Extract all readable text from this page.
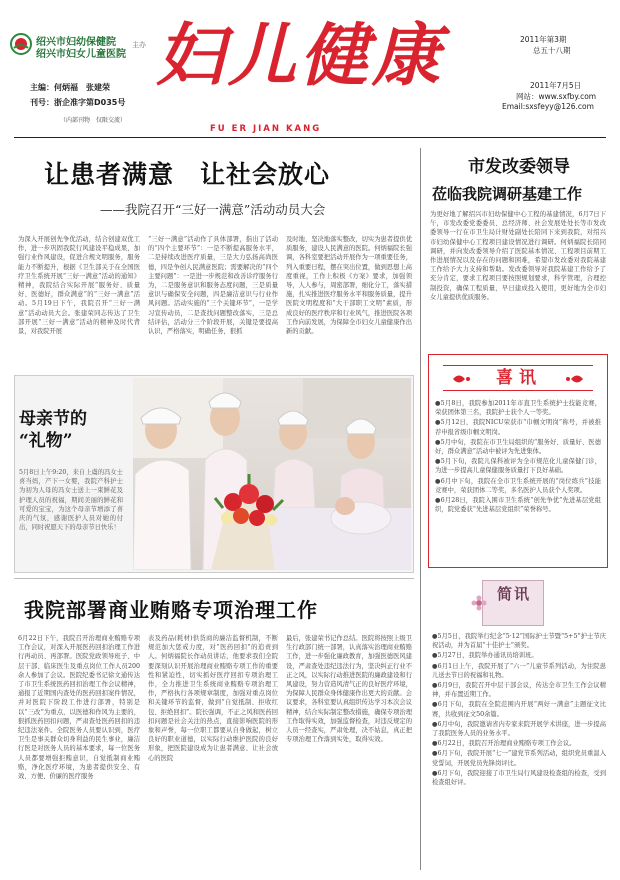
绍兴市妇幼保健院
绍兴市妇女儿童医院
主办 妇儿健康
FU ER JIAN KANG
主编：何炳福　张建荣
刊号：浙企准字第D035号
（内部刊物　仅限交流）
2011年第3期
总五十八期
2011年7月5日
网站：www.sxfby.com
Email:sxsfeyy@126.com
让患者满意　让社会放心
——我院召开“三好一满意”活动动员大会
为深入开展创先争优活动，结合创建双优工作，进一步巩固我院行风建设平稳成果，加强行业作风建设，促进合规文明服务，服务能力不断提升，根据《卫生部关于在全国医疗卫生系统开展“三好一满意”活动的通知》精神，我院结合实际开展“服务好、质量好、医德好，群众满意”的“三好一满意”活动。5月19日下午，我院召开“三好一满意”活动动员大会。张建荣同志传达了卫生部开展“三好一满意”活动的精神及时代背景，对我院开展
“三好一满意”活动作了具体部署，指出了活动的“四个主要环节”：一是不断提高服务水平，二是持续改进医疗质量，三是大力弘扬高尚医德，四是争创人民满意医院；需要解决的“四个主要问题”：一是进一步规范和改善诊疗服务行为，二是服务意识和服务态度问题，三是质量意识与确保安全问题，四是廉洁意识与行业作风问题。活动实施的“三个关键环节”，一是学习宣传动员，二是查找问题整改落实，三是总结评估，活动分三个阶段开展，关键是要提高认识，严格落实，明确任务，狠抓
及时地、坚决地落实整改，切实为患者提供优质服务，建设人民满意的医院。何炳福院长强调，各科室要把活动开展作为一项重要任务，列入重要日程，摆在突出位置，做到思想上高度重视，工作上积极《方案》要求，加强领导，人人参与，周密部署，细化分工，落实措施，扎实推进医疗服务水平和服务质量，提升医院文明程度和“大干部职工文明”素质，形成良好的医疗秩序和行业风气，推进医院各项工作向前发展，为保障全市妇女儿童健康作出新的贡献。
母亲节的
“礼物”
5月8日上午9:20，来自上虞的冯女士喜当妈，产下一女婴，我院产科护士为初为人母的冯女士送上一束鲜花及护理人员的祝福，期间美丽的鲜花和可爱的宝宝，为这个母亲节增添了喜庆的气氛，感谢医护人员对她的付出，同时祝愿天下的母亲节日快乐！
我院部署商业贿赂专项治理工作
6月22日下午，我院召开治理商业贿赂专项工作会议，对深入开展医药回扣治理工作进行再动员、再部署。医院党政领导班子、中层干部、临床医生及重点岗位工作人员200余人参加了会议。医院纪委书记徐文通传达了市卫生系统医药回扣治理工作会议精神，通报了近期国内查处的医药回扣案件情况，并对医院下阶段工作进行部署，特别是以“三改”为重点，以医德和作风为主要的，狠抓医药回扣问题，严肃查处医药回扣的违纪违法案件。全院医务人员要认识到，医疗卫生是事关群众切身利益的民生事业，廉洁行医是对医务人员的基本要求，每一位医务人员都要增强拒贿意识，自觉抵制商业贿赂，净化医疗环境，为患者提供安全、有效、方便、价廉的医疗服务
表及药品(耗材)供货商的廉洁监督机制，不断规范加大惩戒力度，对“医药回扣”的追责到人。何炳福院长作动员讲话，他要求我们全院要深刻认识开展治理商业贿赂专项工作的重要性和紧迫性，切实抓好医疗回扣专项治理工作，全力推进卫生系统商业贿赂专项治理工作，严格执行各项规章制度，加强对重点岗位和关键环节的监督，做到“自觉抵制、拒收红包、拒绝回扣”。院长强调，不正之风和医药回扣问题是社会关注的热点，直接影响医院的形象和声誉，每一位职工都要从自身做起，树立良好的职业道德，以实际行动维护医院的良好形象，把医院建设成为让患者满意、让社会放心的医院
最后，张建荣书记作总结。医院将按照上级卫生行政部门统一部署，认真落实治理商业贿赂工作，进一步强化廉政教育，加强医德医风建设，严肃查处违纪违法行为，坚决纠正行业不正之风，以实际行动推进医院的廉政建设和行风建设，努力营造风清气正的良好医疗环境，为保障人民群众身体健康作出更大的贡献。会议要求，各科室要认真组织传达学习本次会议精神，结合实际制定整改措施，确保专项治理工作取得实效，加强监督检查，对违反规定的人员一经查实，严肃处理，决不姑息，真正把专项治理工作落到实处，取得实效。
市发改委领导
莅临我院调研基建工作
为更好地了解绍兴市妇幼保健中心工程的基建情况，6月7日下午，市发改委党委委员、总经济师、社会发展处处长等市发改委领导一行在市卫生局计财处副处长陪同下来到我院，对绍兴市妇幼保健中心工程项目建设情况进行调研。何炳福院长陪同调研，并向发改委领导介绍了医院基本情况、工程项目前期工作进展情况以及存在的问题和困难，希望市发改委对我院基建工作给予大力支持和帮助。发改委领导对我院基建工作给予了充分肯定，要求工程项目要按照规划要求，科学管理，合理控制投资，确保工程质量，早日建成投入使用，更好地为全市妇女儿童提供优质服务。
喜讯
●5月8日，我院参加2011年市直卫生系统护士技能竞赛，荣获团体第三名，我院护士获个人一等奖。
●5月12日，我院NICU荣获市“巾帼文明岗”称号，并被推荐申报省级巾帼文明岗。
●5月中旬，我院在市卫生局组织的“服务好、质量好、医德好，群众满意”活动中被评为先进集体。
●5月下旬，我院儿保科被评为全市规范化儿童保健门诊，为进一步提高儿童保健服务质量打下良好基础。
●6月中下旬，我院在全市卫生系统开展的“岗位练兵”技能竞赛中，荣获团体二等奖，多名医护人员获个人奖项。
●6月28日，我院入围市卫生系统“创先争优”先进基层党组织，院党委获“先进基层党组织”荣誉称号。
简讯
●5月5日，我院举行纪念“5·12”国际护士节暨“5+5”护士节庆祝活动，并为首届“十佳护士”颁奖。
●5月27日，我院举办通讯员培训班。
●6月1日上午，我院开展了“六一”儿童节系列活动，为住院患儿送去节日的祝福和礼物。
●6月9日，我院召开中层干部会议，传达全市卫生工作会议精神，并布置近期工作。
●6月下旬，我院在全院范围内开展“两好一满意”主题征文比赛，共收到征文50余篇。
●6月中旬，我院邀请省内专家来院开展学术讲座，进一步提高了我院医务人员的业务水平。
●6月22日，我院召开治理商业贿赂专项工作会议。
●6月下旬，我院开展“七一”建党节系列活动，组织党员重温入党誓词，开展党员先锋岗评比。
●6月下旬，我院迎接了市卫生局行风建设检查组的检查，受到检查组好评。
